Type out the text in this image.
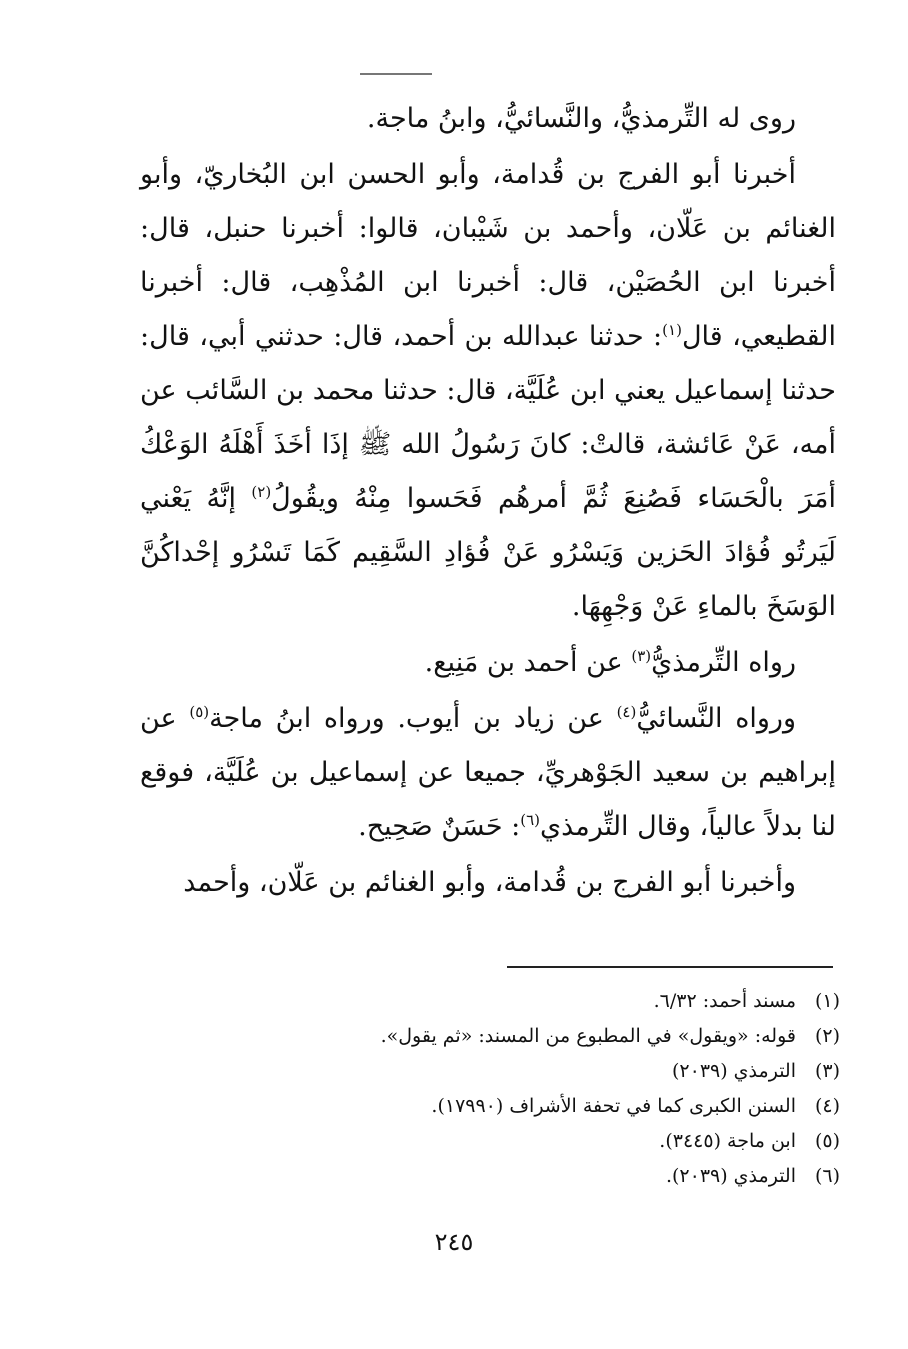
روى له التِّرمذيُّ، والنَّسائيُّ، وابنُ ماجة.

أخبرنا أبو الفرج بن قُدامة، وأبو الحسن ابن البُخاريّ، وأبو الغنائم بن عَلّان، وأحمد بن شَيْبان، قالوا: أخبرنا حنبل، قال: أخبرنا ابن الحُصَيْن، قال: أخبرنا ابن المُذْهِب، قال: أخبرنا القطيعي، قال$^{(١)}$: حدثنا عبدالله بن أحمد، قال: حدثني أبي، قال: حدثنا إسماعيل يعني ابن عُلَيَّة، قال: حدثنا محمد بن السَّائب عن أمه، عَنْ عَائشة، قالتْ: كانَ رَسُولُ الله ﷺ إذَا أخَذَ أَهْلَهُ الوَعْكُ أمَرَ بالْحَسَاء فَصُنِعَ ثُمَّ أمرهُم فَحَسوا مِنْهُ ويقُولُ$^{(٢)}$ إنَّهُ يَعْني لَيَرتُو فُؤادَ الحَزين وَيَسْرُو عَنْ فُؤادِ السَّقِيم كَمَا تَسْرُو إحْداكُنَّ الوَسَخَ بالماءِ عَنْ وَجْهِهَا.

رواه التِّرمذيُّ$^{(٣)}$ عن أحمد بن مَنِيع.

ورواه النَّسائيُّ$^{(٤)}$ عن زياد بن أيوب. ورواه ابنُ ماجة$^{(٥)}$ عن إبراهيم بن سعيد الجَوْهريِّ، جميعا عن إسماعيل بن عُلَيَّة، فوقع لنا بدلاً عالياً، وقال التِّرمذي$^{(٦)}$: حَسَنٌ صَحِيح.

وأخبرنا أبو الفرج بن قُدامة، وأبو الغنائم بن عَلّان، وأحمد

(١)
مسند أحمد: ٦/٣٢.
(٢)
قوله: «ويقول» في المطبوع من المسند: «ثم يقول».
(٣)
الترمذي (٢٠٣٩)
(٤)
السنن الكبرى كما في تحفة الأشراف (١٧٩٩٠).
(٥)
ابن ماجة (٣٤٤٥).
(٦)
الترمذي (٢٠٣٩).
٢٤٥
